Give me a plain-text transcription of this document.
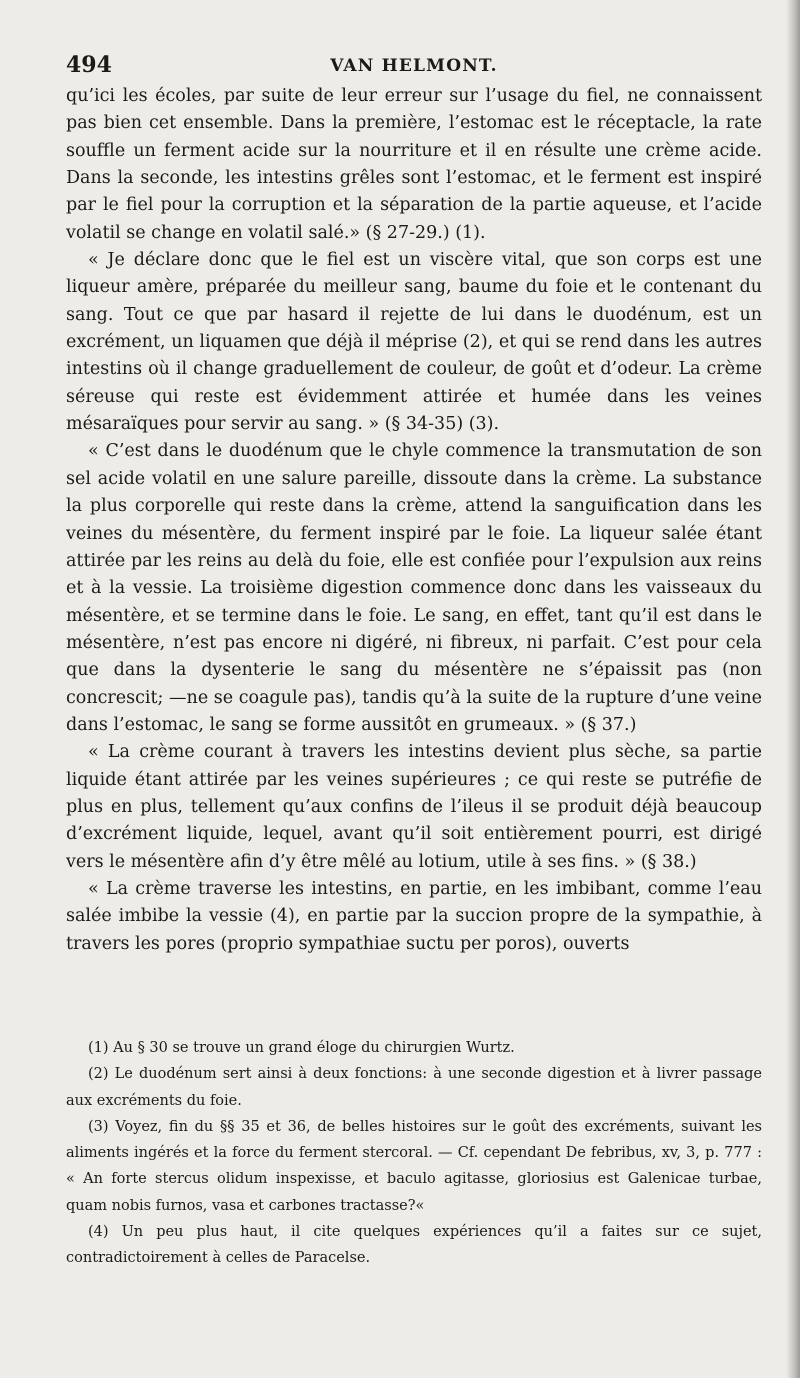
494	VAN HELMONT.

qu’ici les écoles, par suite de leur erreur sur l’usage du fiel, ne connaissent pas bien cet ensemble. Dans la première, l’estomac est le réceptacle, la rate souffle un ferment acide sur la nourriture et il en résulte une crème acide. Dans la seconde, les intestins grêles sont l’estomac, et le ferment est inspiré par le fiel pour la corruption et la séparation de la partie aqueuse, et l’acide volatil se change en volatil salé.» (§ 27-29.) (1).

« Je déclare donc que le fiel est un viscère vital, que son corps est une liqueur amère, préparée du meilleur sang, baume du foie et le contenant du sang. Tout ce que par hasard il rejette de lui dans le duodénum, est un excrément, un liquamen que déjà il méprise (2), et qui se rend dans les autres intestins où il change graduellement de couleur, de goût et d’odeur. La crème séreuse qui reste est évidemment attirée et humée dans les veines mésaraïques pour servir au sang. » (§ 34-35) (3).

« C’est dans le duodénum que le chyle commence la transmutation de son sel acide volatil en une salure pareille, dissoute dans la crème. La substance la plus corporelle qui reste dans la crème, attend la sanguification dans les veines du mésentère, du ferment inspiré par le foie. La liqueur salée étant attirée par les reins au delà du foie, elle est confiée pour l’expulsion aux reins et à la vessie. La troisième digestion commence donc dans les vaisseaux du mésentère, et se termine dans le foie. Le sang, en effet, tant qu’il est dans le mésentère, n’est pas encore ni digéré, ni fibreux, ni parfait. C’est pour cela que dans la dysenterie le sang du mésentère ne s’épaissit pas (non concrescit; —ne se coagule pas), tandis qu’à la suite de la rupture d’une veine dans l’estomac, le sang se forme aussitôt en grumeaux. » (§ 37.)

« La crème courant à travers les intestins devient plus sèche, sa partie liquide étant attirée par les veines supérieures ; ce qui reste se putréfie de plus en plus, tellement qu’aux confins de l’ileus il se produit déjà beaucoup d’excrément liquide, lequel, avant qu’il soit entièrement pourri, est dirigé vers le mésentère afin d’y être mêlé au lotium, utile à ses fins. » (§ 38.)

« La crème traverse les intestins, en partie, en les imbibant, comme l’eau salée imbibe la vessie (4), en partie par la succion propre de la sympathie, à travers les pores (proprio sympathiae suctu per poros), ouverts

(1) Au § 30 se trouve un grand éloge du chirurgien Wurtz.

(2) Le duodénum sert ainsi à deux fonctions: à une seconde digestion et à livrer passage aux excréments du foie.

(3) Voyez, fin du §§ 35 et 36, de belles histoires sur le goût des excréments, suivant les aliments ingérés et la force du ferment stercoral. — Cf. cependant De febribus, xv, 3, p. 777 : « An forte stercus olidum inspexisse, et baculo agitasse, gloriosius est Galenicae turbae, quam nobis furnos, vasa et carbones tractasse?«

(4) Un peu plus haut, il cite quelques expériences qu’il a faites sur ce sujet, contradictoirement à celles de Paracelse.
